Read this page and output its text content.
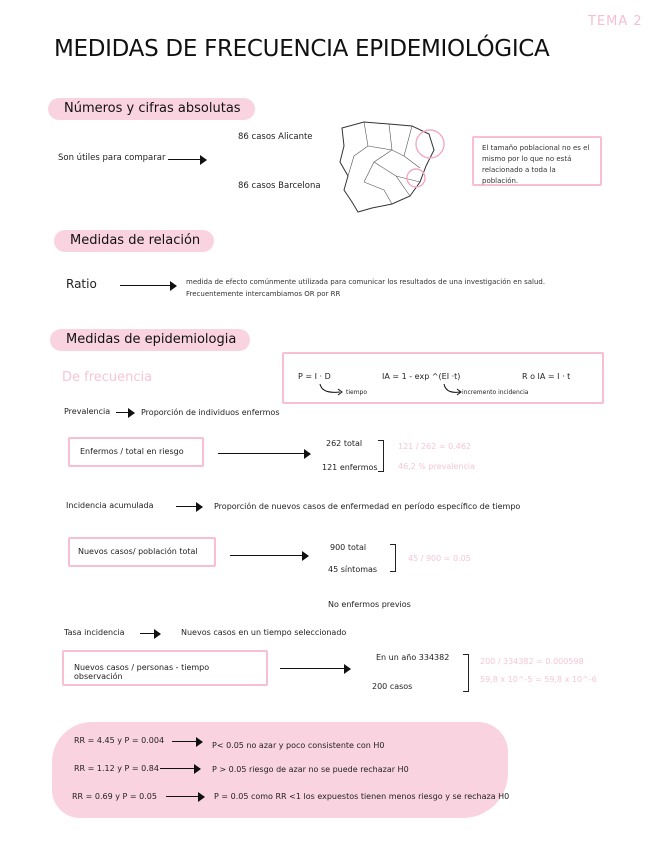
TEMA 2
MEDIDAS DE FRECUENCIA EPIDEMIOLÓGICA
Números y cifras absolutas
Son útiles para comparar
86 casos Alicante
86 casos Barcelona
El tamaño poblacional no es el mismo por lo que no está relacionado a toda la población.
Medidas de relación
Ratio	medida de efecto comúnmente utilizada para comunicar los resultados de una investigación en salud.
Frecuentemente intercambiamos OR por RR
Medidas de epidemiologia
De frecuencia	P = I · D	IA = 1 - exp ^(EI ·t)	R o IA = I · t
tiempo	incremento incidencia
Prevalencia	Proporción de individuos enfermos
Enfermos / total en riesgo
262 total
121 enfermos
121 / 262 = 0.462
46,2 % prevalencia
Incidencia acumulada	Proporción de nuevos casos de enfermedad en período específico de tiempo
Nuevos casos/ población total	900 total
45 síntomas
45 / 900 = 0.05
No enfermos previos
Tasa incidencia	Nuevos casos en un tiempo seleccionado
Nuevos casos / personas - tiempo observación
En un año 334382
200 casos
200 / 334382 = 0.000598
59,8 x 10^-5 = 59,8 x 10^-6
RR = 4.45 y P = 0.004
P< 0.05 no azar y poco consistente con H0
RR = 1.12 y P = 0.84	P > 0.05 riesgo de azar no se puede rechazar H0
RR = 0.69 y P = 0.05	P = 0.05 como RR <1 los expuestos tienen menos riesgo y se rechaza H0
